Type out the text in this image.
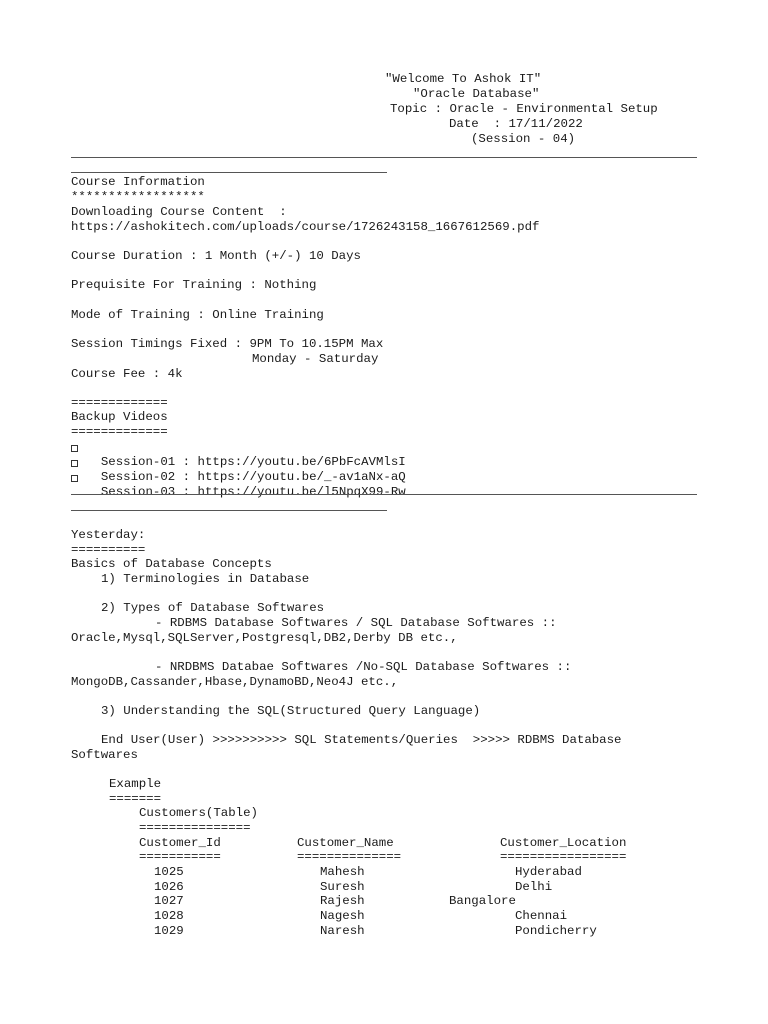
"Welcome To Ashok IT"
"Oracle Database"
Topic : Oracle - Environmental Setup
Date  : 17/11/2022
(Session - 04)
Course Information
******************
Downloading Course Content  :
https://ashokitech.com/uploads/course/1726243158_1667612569.pdf
Course Duration : 1 Month (+/-) 10 Days
Prequisite For Training : Nothing
Mode of Training : Online Training
Session Timings Fixed : 9PM To 10.15PM Max
Monday - Saturday
Course Fee : 4k
=============
Backup Videos
=============

Session-01 : https://youtu.be/6PbFcAVMlsI

Session-02 : https://youtu.be/_-av1aNx-aQ

Session-03 : https://youtu.be/l5NpqX99-Rw

Yesterday:
==========
Basics of Database Concepts
1) Terminologies in Database
2) Types of Database Softwares
- RDBMS Database Softwares / SQL Database Softwares ::
Oracle,Mysql,SQLServer,Postgresql,DB2,Derby DB etc.,
- NRDBMS Databae Softwares /No-SQL Database Softwares ::
MongoDB,Cassander,Hbase,DynamoBD,Neo4J etc.,
3) Understanding the SQL(Structured Query Language)
End User(User) >>>>>>>>>> SQL Statements/Queries  >>>>> RDBMS Database
Softwares
Example
=======
Customers(Table)
===============
Customer_Id	Customer_Name	Customer_Location
===========	==============	=================
1025	Mahesh	Hyderabad
1026	Suresh	Delhi
1027	Rajesh	Bangalore
1028	Nagesh	Chennai
1029	Naresh	Pondicherry
